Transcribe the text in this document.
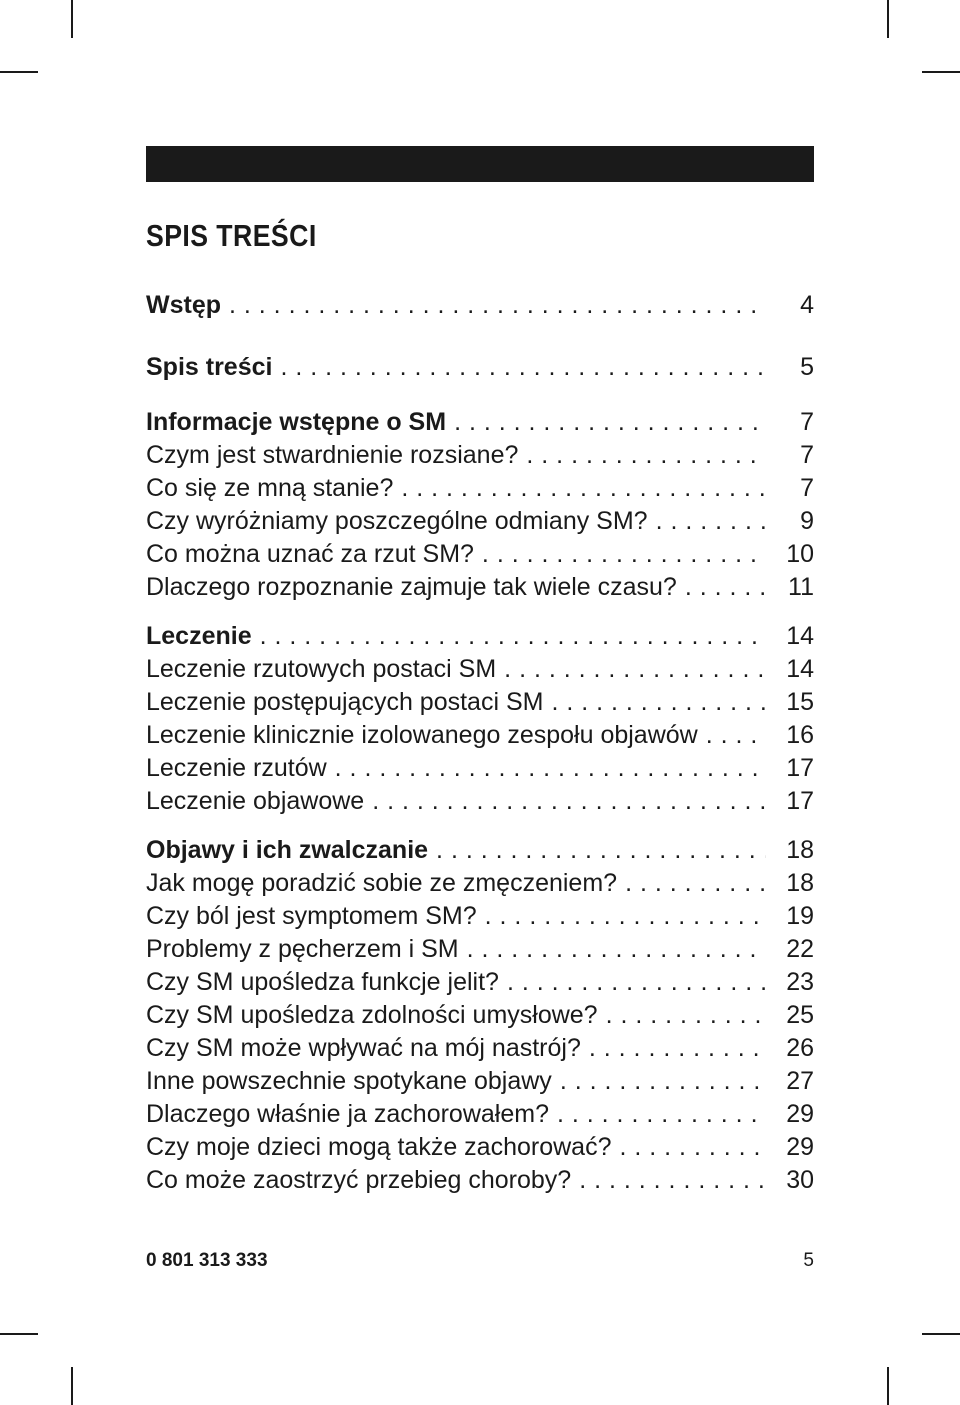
SPIS TREŚCI
Wstęp . . .	4
Spis treści . . .	5
Informacje wstępne o SM . . .	7
Czym jest stwardnienie rozsiane? . . .	7
Co się ze mną stanie? . . .	7
Czy wyróżniamy poszczególne odmiany SM? . . .	9
Co można uznać za rzut SM? . . .	10
Dlaczego rozpoznanie zajmuje tak wiele czasu? . . .	11
Leczenie . . .	14
Leczenie rzutowych postaci SM . . .	14
Leczenie postępujących postaci SM . . .	15
Leczenie klinicznie izolowanego zespołu objawów . . .	16
Leczenie rzutów . . .	17
Leczenie objawowe . . .	17
Objawy i ich zwalczanie . . .	18
Jak mogę poradzić sobie ze zmęczeniem? . . .	18
Czy ból jest symptomem SM? . . .	19
Problemy z pęcherzem i SM . . .	22
Czy SM upośledza funkcje jelit? . . .	23
Czy SM upośledza zdolności umysłowe? . . .	25
Czy SM może wpływać na mój nastrój? . . .	26
Inne powszechnie spotykane objawy . . .	27
Dlaczego właśnie ja zachorowałem? . . .	29
Czy moje dzieci mogą także zachorować? . . .	29
Co może zaostrzyć przebieg choroby? . . .	30

0 801 313 333	5
